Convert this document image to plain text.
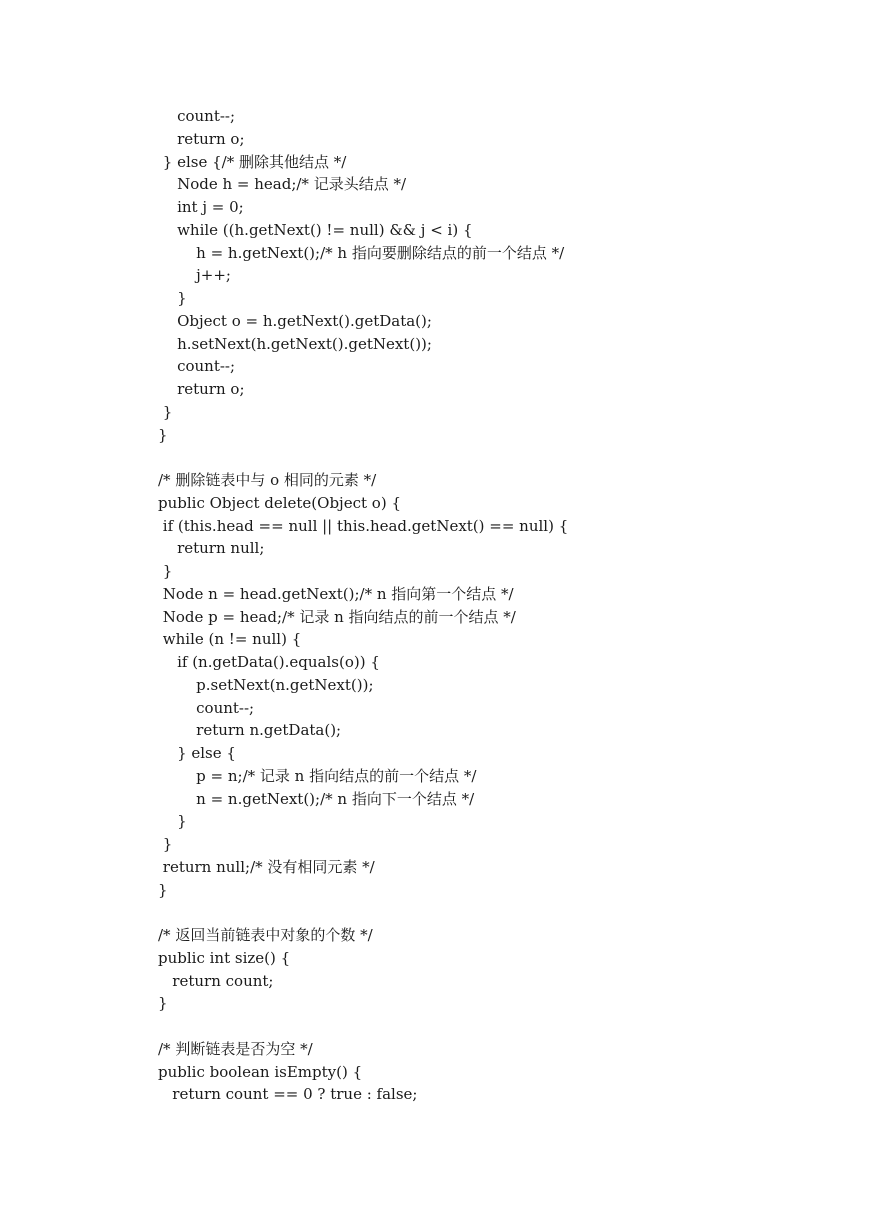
count--;
return o;
} else {/* 删除其他结点 */
Node h = head;/* 记录头结点 */
int j = 0;
while ((h.getNext() != null) && j < i) {
h = h.getNext();/* h 指向要删除结点的前一个结点 */
j++;
}
Object o = h.getNext().getData();
h.setNext(h.getNext().getNext());
count--;
return o;
}
}
/* 删除链表中与 o 相同的元素 */
public Object delete(Object o) {
if (this.head == null || this.head.getNext() == null) {
return null;
}
Node n = head.getNext();/* n 指向第一个结点 */
Node p = head;/* 记录 n 指向结点的前一个结点 */
while (n != null) {
if (n.getData().equals(o)) {
p.setNext(n.getNext());
count--;
return n.getData();
} else {
p = n;/* 记录 n 指向结点的前一个结点 */
n = n.getNext();/* n 指向下一个结点 */
}
}
return null;/* 没有相同元素 */
}
/* 返回当前链表中对象的个数 */
public int size() {
return count;
}
/* 判断链表是否为空 */
public boolean isEmpty() {
return count == 0 ? true : false;
